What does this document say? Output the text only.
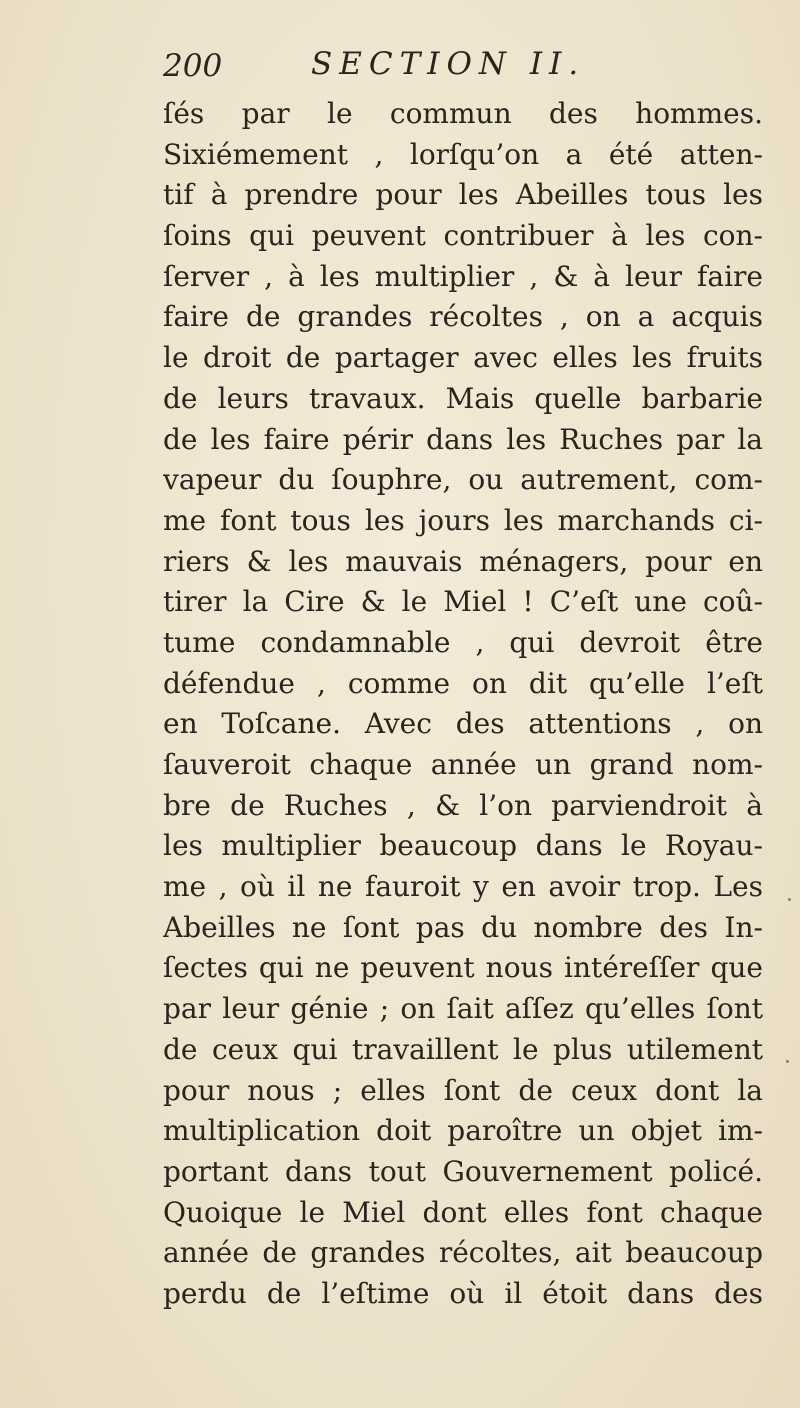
200	SECTION II.
ſés par le commun des hommes.
Sixiémement , lorſqu’on a été atten-
tif à prendre pour les Abeilles tous les
ſoins qui peuvent contribuer à les con-
ſerver , à les multiplier , & à leur faire
faire de grandes récoltes , on a acquis
le droit de partager avec elles les fruits
de leurs travaux. Mais quelle barbarie
de les faire périr dans les Ruches par la
vapeur du ſouphre, ou autrement, com-
me font tous les jours les marchands ci-
riers & les mauvais ménagers, pour en
tirer la Cire & le Miel ! C’eſt une coû-
tume condamnable , qui devroit être
défendue , comme on dit qu’elle l’eſt
en Toſcane. Avec des attentions , on
ſauveroit chaque année un grand nom-
bre de Ruches , & l’on parviendroit à
les multiplier beaucoup dans le Royau-
me , où il ne fauroit y en avoir trop. Les
Abeilles ne ſont pas du nombre des In-
ſectes qui ne peuvent nous intéreſſer que
par leur génie ; on ſait aſſez qu’elles ſont
de ceux qui travaillent le plus utilement
pour nous ; elles ſont de ceux dont la
multiplication doit paroître un objet im-
portant dans tout Gouvernement policé.
Quoique le Miel dont elles font chaque
année de grandes récoltes, ait beaucoup
perdu de l’eſtime où il étoit dans des
